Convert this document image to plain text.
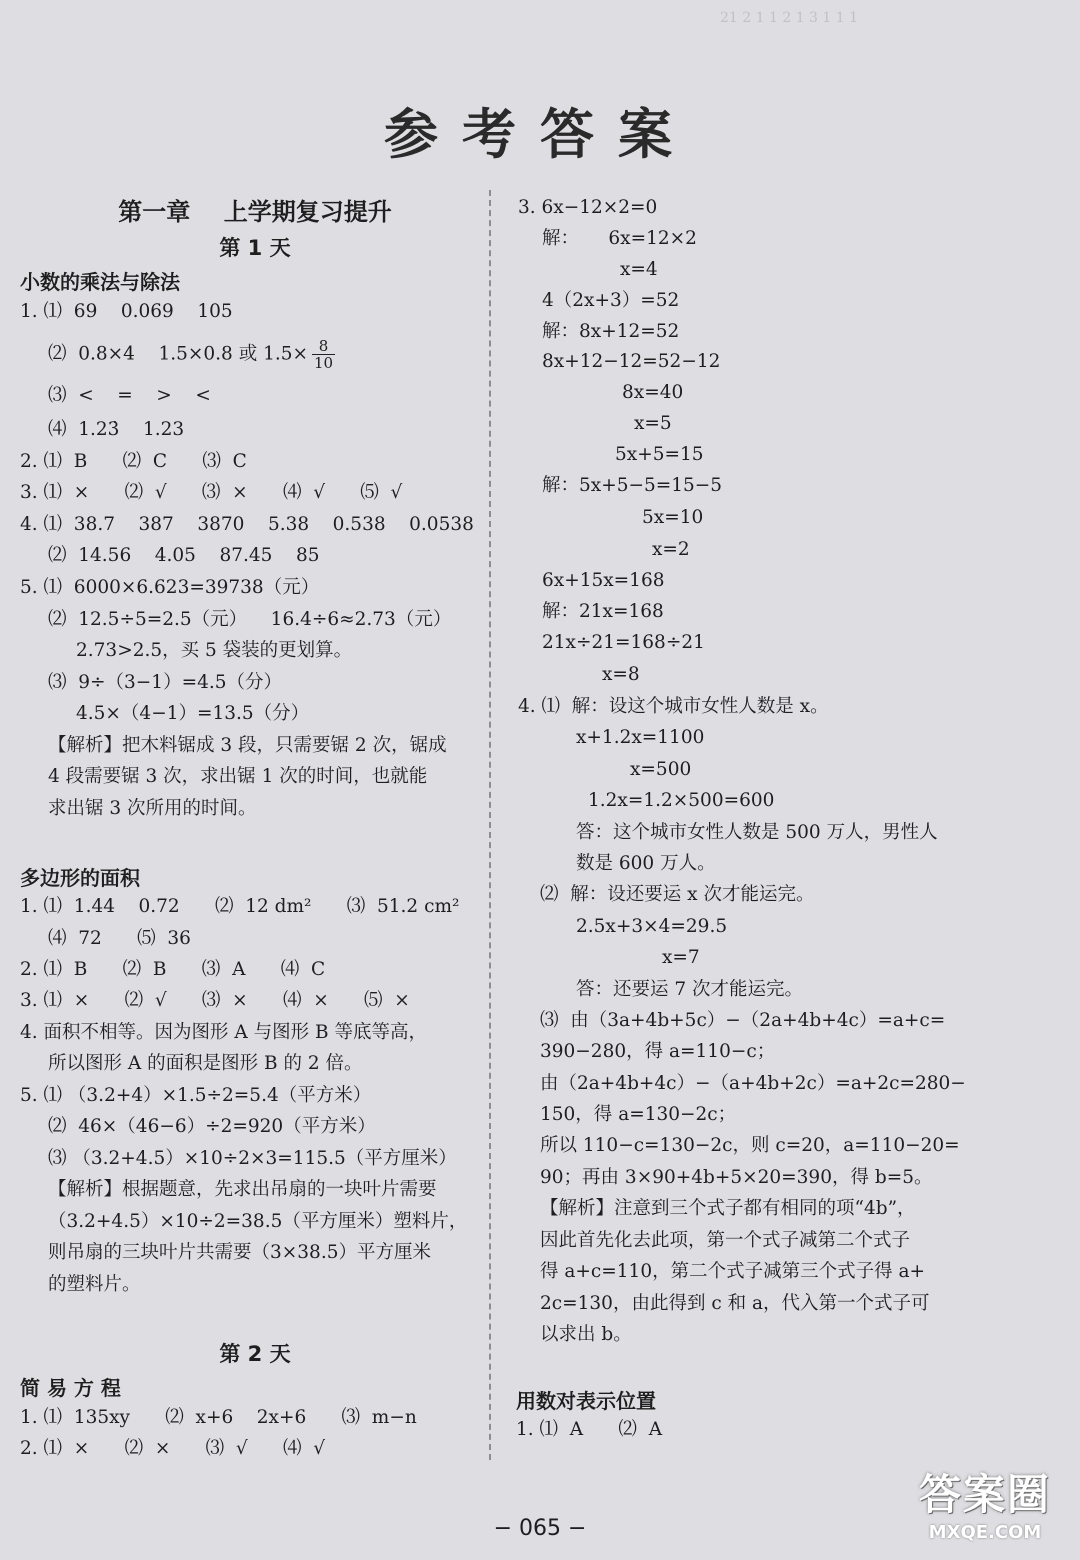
21 2 1 1 2 1 3 1 1 1
参考答案
第一章    上学期复习提升
第 1 天
小数的乘法与除法
1. ⑴  69    0.069    105
⑵  0.8×4    1.5×0.8 或 $1.5\times \frac{8}{10}$
⑶  <    =    >    <
⑷  1.23̇    1.23
2. ⑴  B      ⑵  C      ⑶  C
3. ⑴  ×      ⑵  √      ⑶  ×      ⑷  √      ⑸  √
4. ⑴  38.7    387    3870    5.38    0.538    0.0538
⑵  14.56    4.05    87.45    85
5. ⑴  6000×6.623=39738（元）
⑵  12.5÷5=2.5（元）    16.4÷6≈2.73（元）
2.73>2.5，买 5 袋装的更划算。
⑶  9÷（3−1）=4.5（分）
4.5×（4−1）=13.5（分）
【解析】把木料锯成 3 段，只需要锯 2 次，锯成
4 段需要锯 3 次，求出锯 1 次的时间，也就能
求出锯 3 次所用的时间。
多边形的面积
1. ⑴  1.44    0.72      ⑵  12 dm²      ⑶  51.2 cm²
⑷  72      ⑸  36
2. ⑴  B      ⑵  B      ⑶  A      ⑷  C
3. ⑴  ×      ⑵  √      ⑶  ×      ⑷  ×      ⑸  ×
4. 面积不相等。因为图形 A 与图形 B 等底等高，
所以图形 A 的面积是图形 B 的 2 倍。
5. ⑴ （3.2+4）×1.5÷2=5.4（平方米）
⑵  46×（46−6）÷2=920（平方米）
⑶ （3.2+4.5）×10÷2×3=115.5（平方厘米）
【解析】根据题意，先求出吊扇的一块叶片需要
（3.2+4.5）×10÷2=38.5（平方厘米）塑料片，
则吊扇的三块叶片共需要（3×38.5）平方厘米
的塑料片。
第 2 天
简 易 方 程
1. ⑴  135xy      ⑵  x+6    2x+6      ⑶  m−n
2. ⑴  ×      ⑵  ×      ⑶  √      ⑷  √
3. 6x−12×2=0
解：     6x=12×2
x=4
4（2x+3）=52
解：8x+12=52
8x+12−12=52−12
8x=40
x=5
5x+5=15
解：5x+5−5=15−5
5x=10
x=2
6x+15x=168
解：21x=168
21x÷21=168÷21
x=8
4. ⑴  解：设这个城市女性人数是 x。
x+1.2x=1100
x=500
1.2x=1.2×500=600
答：这个城市女性人数是 500 万人，男性人
数是 600 万人。
⑵  解：设还要运 x 次才能运完。
2.5x+3×4=29.5
x=7
答：还要运 7 次才能运完。
⑶  由（3a+4b+5c）−（2a+4b+4c）=a+c=
390−280，得 a=110−c；
由（2a+4b+4c）−（a+4b+2c）=a+2c=280−
150，得 a=130−2c；
所以 110−c=130−2c，则 c=20，a=110−20=
90；再由 3×90+4b+5×20=390，得 b=5。
【解析】注意到三个式子都有相同的项“4b”，
因此首先化去此项，第一个式子减第二个式子
得 a+c=110，第二个式子减第三个式子得 a+
2c=130，由此得到 c 和 a，代入第一个式子可
以求出 b。
用数对表示位置
1. ⑴  A      ⑵  A
− 065 −
答案圈
MXQE.COM
